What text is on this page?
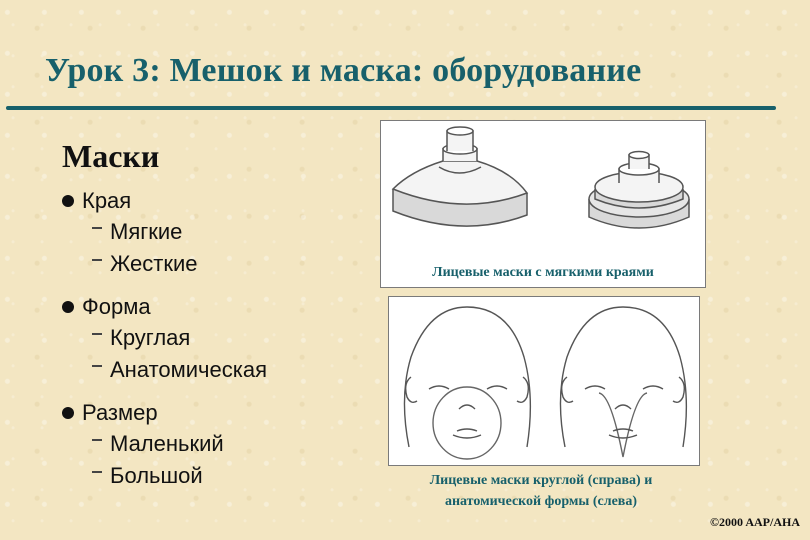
Урок 3: Мешок и маска: оборудование
Маски
Края
Мягкие
Жесткие
Форма
Круглая
Анатомическая
Размер
Маленький
Большой
Лицевые маски с мягкими краями
Лицевые маски круглой (справа) и
анатомической формы (слева)
©2000 AAP/AHA
